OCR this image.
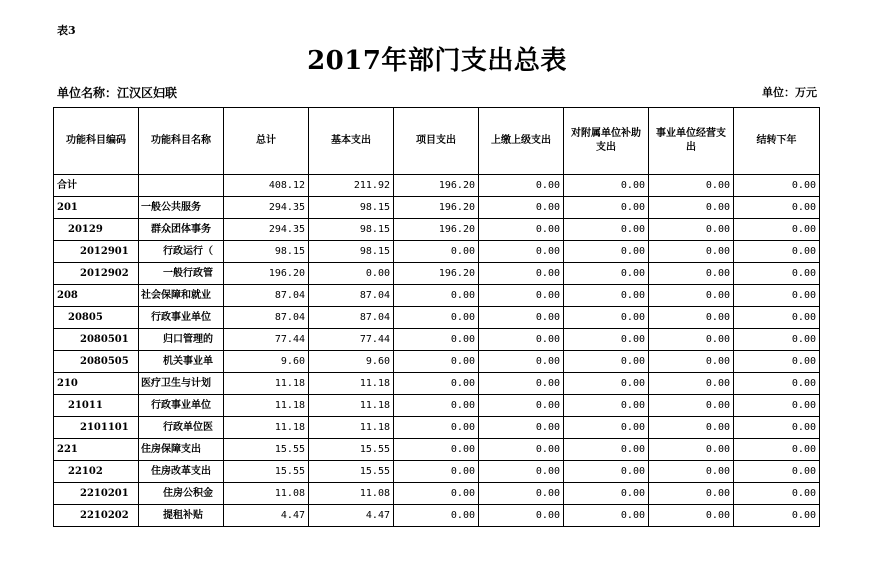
表3
2017年部门支出总表
单位名称：江汉区妇联	单位：万元
功能科目编码	功能科目名称	总计	基本支出	项目支出	上缴上级支出	对附属单位补助支出	事业单位经营支出	结转下年
合计		408.12	211.92	196.20	0.00	0.00	0.00	0.00
201	一般公共服务	294.35	98.15	196.20	0.00	0.00	0.00	0.00
20129	群众团体事务	294.35	98.15	196.20	0.00	0.00	0.00	0.00
2012901	行政运行（	98.15	98.15	0.00	0.00	0.00	0.00	0.00
2012902	一般行政管	196.20	0.00	196.20	0.00	0.00	0.00	0.00
208	社会保障和就业	87.04	87.04	0.00	0.00	0.00	0.00	0.00
20805	行政事业单位	87.04	87.04	0.00	0.00	0.00	0.00	0.00
2080501	归口管理的	77.44	77.44	0.00	0.00	0.00	0.00	0.00
2080505	机关事业单	9.60	9.60	0.00	0.00	0.00	0.00	0.00
210	医疗卫生与计划	11.18	11.18	0.00	0.00	0.00	0.00	0.00
21011	行政事业单位	11.18	11.18	0.00	0.00	0.00	0.00	0.00
2101101	行政单位医	11.18	11.18	0.00	0.00	0.00	0.00	0.00
221	住房保障支出	15.55	15.55	0.00	0.00	0.00	0.00	0.00
22102	住房改革支出	15.55	15.55	0.00	0.00	0.00	0.00	0.00
2210201	住房公积金	11.08	11.08	0.00	0.00	0.00	0.00	0.00
2210202	提租补贴	4.47	4.47	0.00	0.00	0.00	0.00	0.00
